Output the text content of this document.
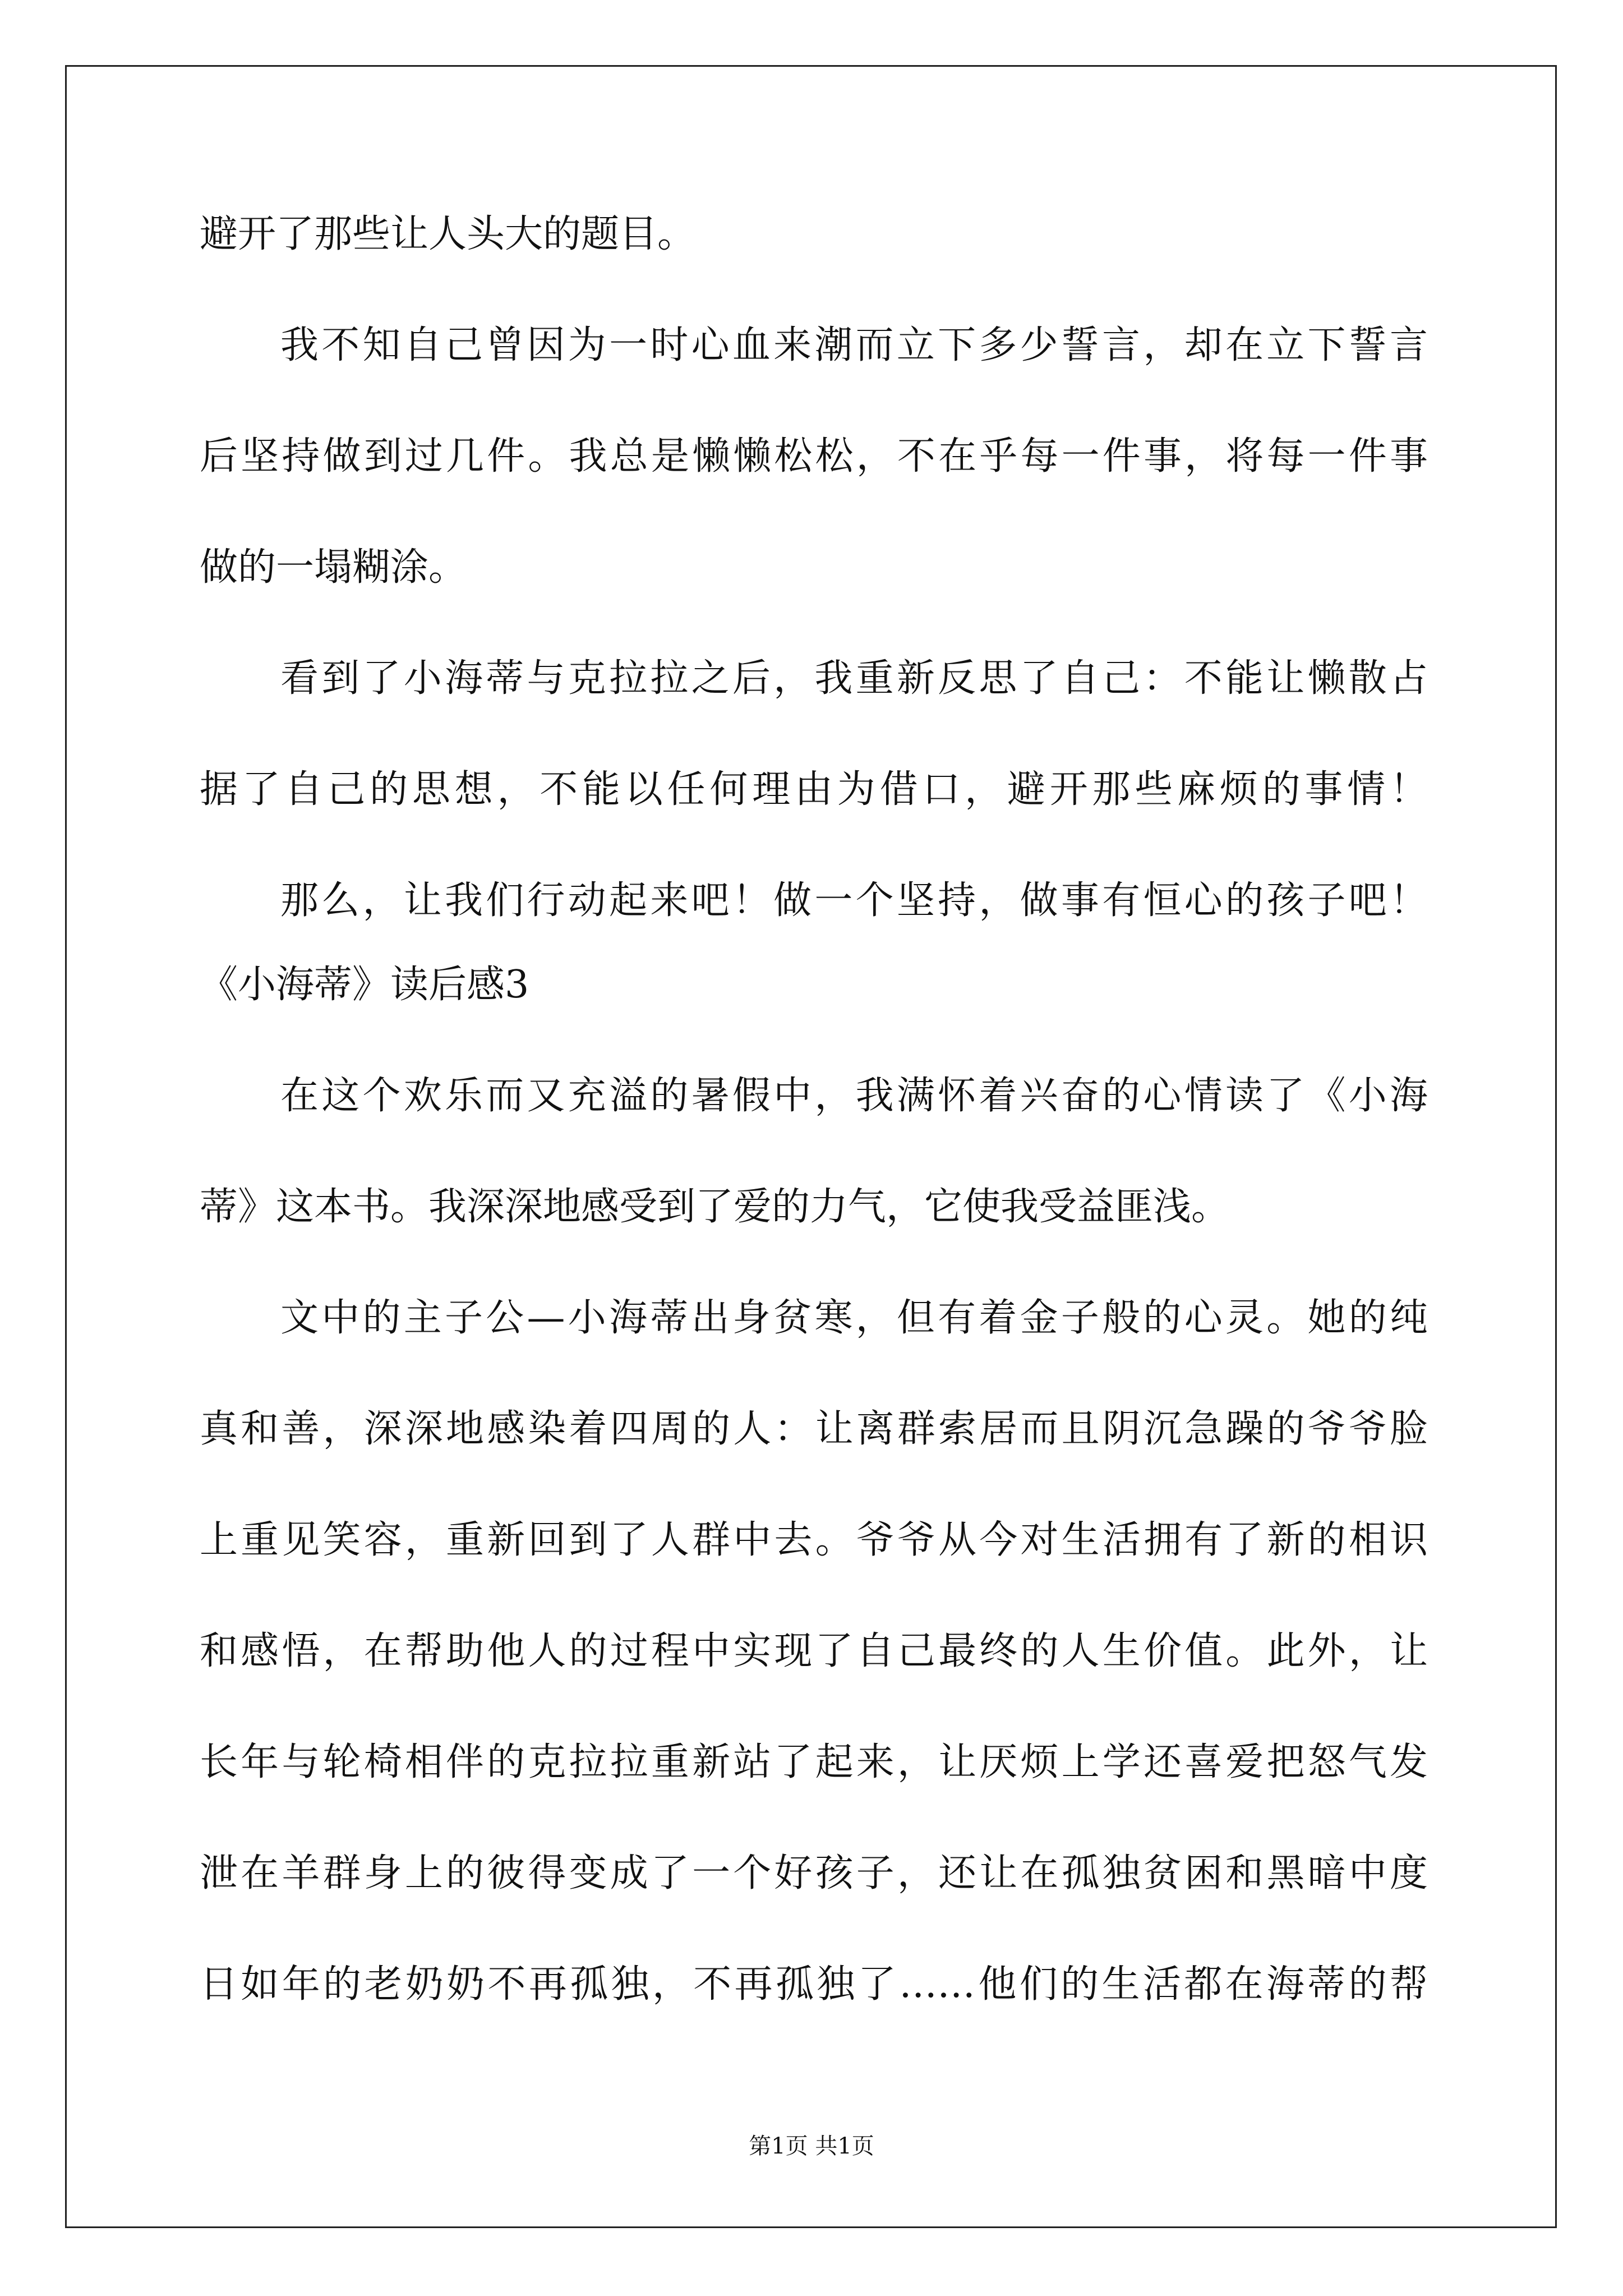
避开了那些让人头大的题目。
我不知自己曾因为一时心血来潮而立下多少誓言，却在立下誓言
后坚持做到过几件。我总是懒懒松松，不在乎每一件事，将每一件事
做的一塌糊涂。
看到了小海蒂与克拉拉之后，我重新反思了自己：不能让懒散占
据了自己的思想，不能以任何理由为借口，避开那些麻烦的事情！
那么，让我们行动起来吧！做一个坚持，做事有恒心的孩子吧！
《小海蒂》读后感3
在这个欢乐而又充溢的暑假中，我满怀着兴奋的心情读了《小海
蒂》这本书。我深深地感受到了爱的力气，它使我受益匪浅。
文中的主子公—小海蒂出身贫寒，但有着金子般的心灵。她的纯
真和善，深深地感染着四周的人：让离群索居而且阴沉急躁的爷爷脸
上重见笑容，重新回到了人群中去。爷爷从今对生活拥有了新的相识
和感悟，在帮助他人的过程中实现了自己最终的人生价值。此外，让
长年与轮椅相伴的克拉拉重新站了起来，让厌烦上学还喜爱把怒气发
泄在羊群身上的彼得变成了一个好孩子，还让在孤独贫困和黑暗中度
日如年的老奶奶不再孤独，不再孤独了……他们的生活都在海蒂的帮
第1页 共1页
